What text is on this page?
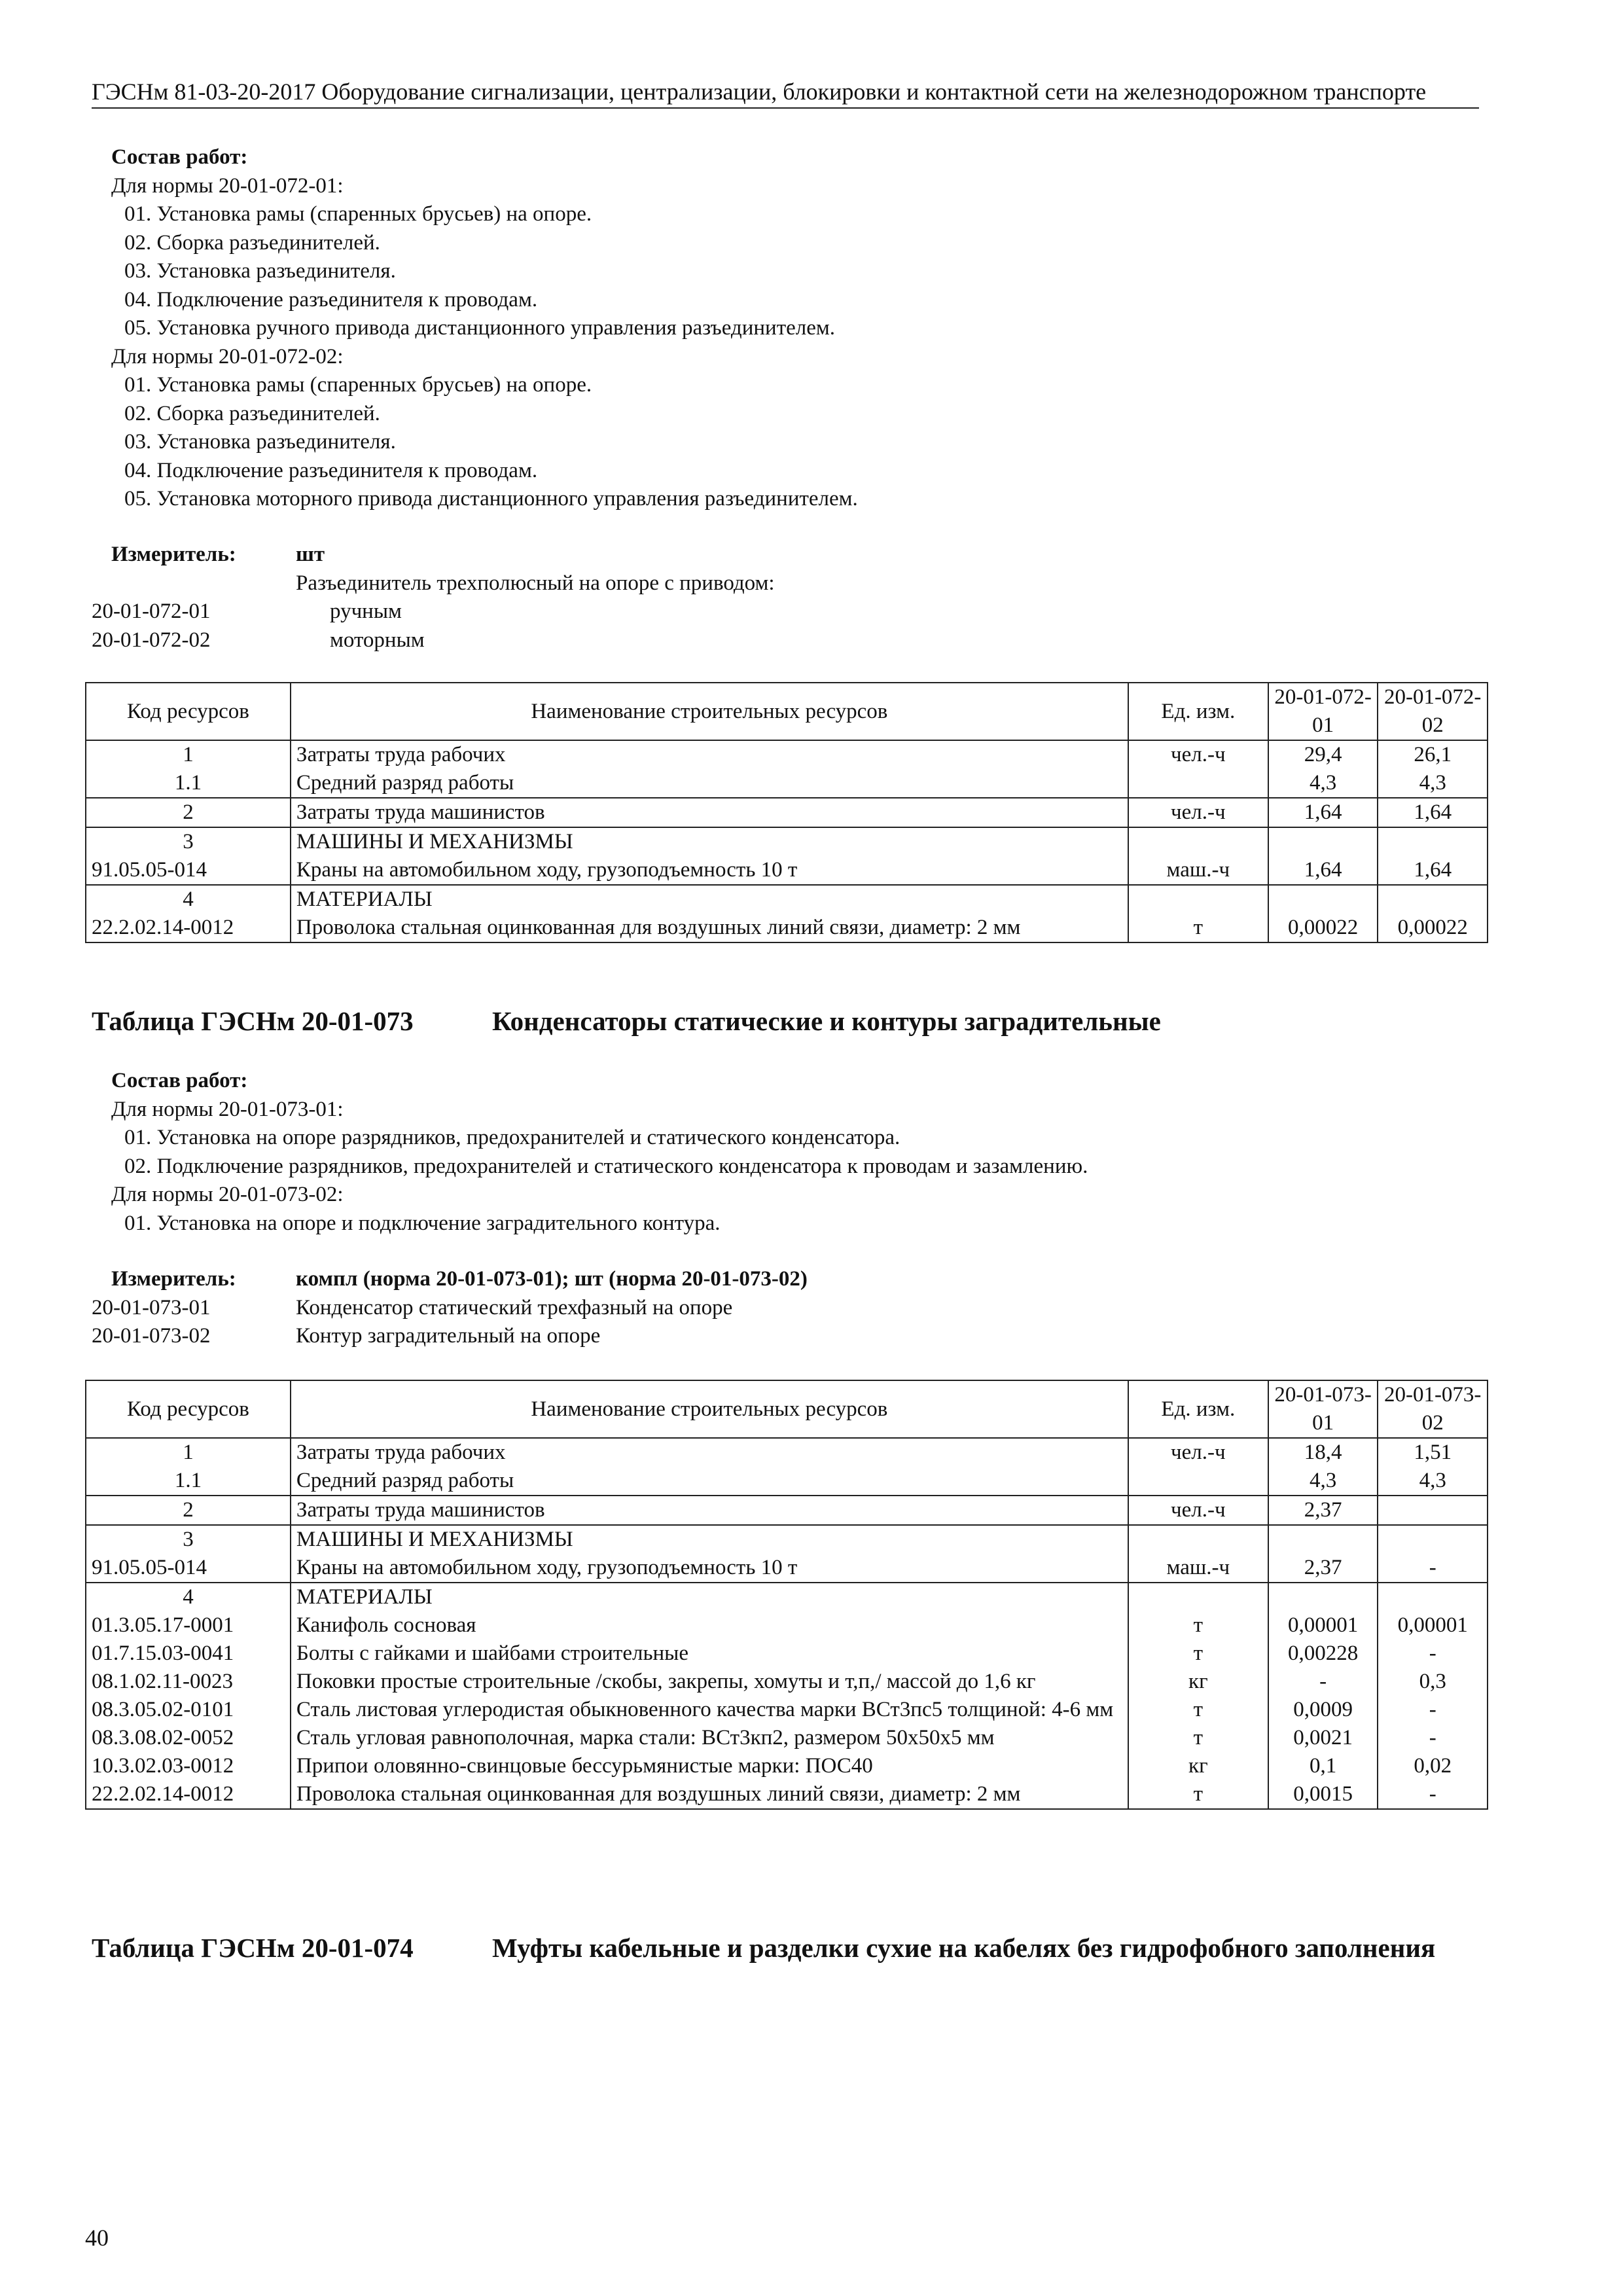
ГЭСНм 81-03-20-2017 Оборудование сигнализации, централизации, блокировки и контактной сети на железнодорожном транспорте
Состав работ:
Для нормы 20-01-072-01:
01. Установка рамы (спаренных брусьев) на опоре.
02. Сборка разъединителей.
03. Установка разъединителя.
04. Подключение разъединителя к проводам.
05. Установка ручного привода дистанционного управления разъединителем.
Для нормы 20-01-072-02:
01. Установка рамы (спаренных брусьев) на опоре.
02. Сборка разъединителей.
03. Установка разъединителя.
04. Подключение разъединителя к проводам.
05. Установка моторного привода дистанционного управления разъединителем.
Измеритель:	шт
Разъединитель трехполюсный на опоре с приводом:
20-01-072-01	ручным
20-01-072-02	моторным
Код ресурсов	Наименование строительных ресурсов	Ед. изм.	20-01-072-01	20-01-072-02
1	Затраты труда рабочих	чел.-ч	29,4	26,1
1.1	Средний разряд работы		4,3	4,3
2	Затраты труда машинистов	чел.-ч	1,64	1,64
3	МАШИНЫ И МЕХАНИЗМЫ			
91.05.05-014	Краны на автомобильном ходу, грузоподъемность 10 т	маш.-ч	1,64	1,64
4	МАТЕРИАЛЫ			
22.2.02.14-0012	Проволока стальная оцинкованная для воздушных линий связи, диаметр: 2 мм	т	0,00022	0,00022
Таблица ГЭСНм 20-01-073	Конденсаторы статические и контуры заградительные
Состав работ:
Для нормы 20-01-073-01:
01. Установка на опоре разрядников, предохранителей и статического конденсатора.
02. Подключение разрядников, предохранителей и статического конденсатора к проводам и зазамлению.
Для нормы 20-01-073-02:
01. Установка на опоре и подключение заградительного контура.
Измеритель:	компл (норма 20-01-073-01); шт (норма 20-01-073-02)
20-01-073-01	Конденсатор статический трехфазный на опоре
20-01-073-02	Контур заградительный на опоре
Код ресурсов	Наименование строительных ресурсов	Ед. изм.	20-01-073-01	20-01-073-02
1	Затраты труда рабочих	чел.-ч	18,4	1,51
1.1	Средний разряд работы		4,3	4,3
2	Затраты труда машинистов	чел.-ч	2,37	
3	МАШИНЫ И МЕХАНИЗМЫ			
91.05.05-014	Краны на автомобильном ходу, грузоподъемность 10 т	маш.-ч	2,37	-
4	МАТЕРИАЛЫ			
01.3.05.17-0001	Канифоль сосновая	т	0,00001	0,00001
01.7.15.03-0041	Болты с гайками и шайбами строительные	т	0,00228	-
08.1.02.11-0023	Поковки простые строительные /скобы, закрепы, хомуты и т,п,/ массой до 1,6 кг	кг	-	0,3
08.3.05.02-0101	Сталь листовая углеродистая обыкновенного качества марки ВСт3пс5 толщиной: 4-6 мм	т	0,0009	-
08.3.08.02-0052	Сталь угловая равнополочная, марка стали: ВСт3кп2, размером 50х50х5 мм	т	0,0021	-
10.3.02.03-0012	Припои оловянно-свинцовые бессурьмянистые марки: ПОС40	кг	0,1	0,02
22.2.02.14-0012	Проволока стальная оцинкованная для воздушных линий связи, диаметр: 2 мм	т	0,0015	-
Таблица ГЭСНм 20-01-074	Муфты кабельные и разделки сухие на кабелях без гидрофобного заполнения
40
